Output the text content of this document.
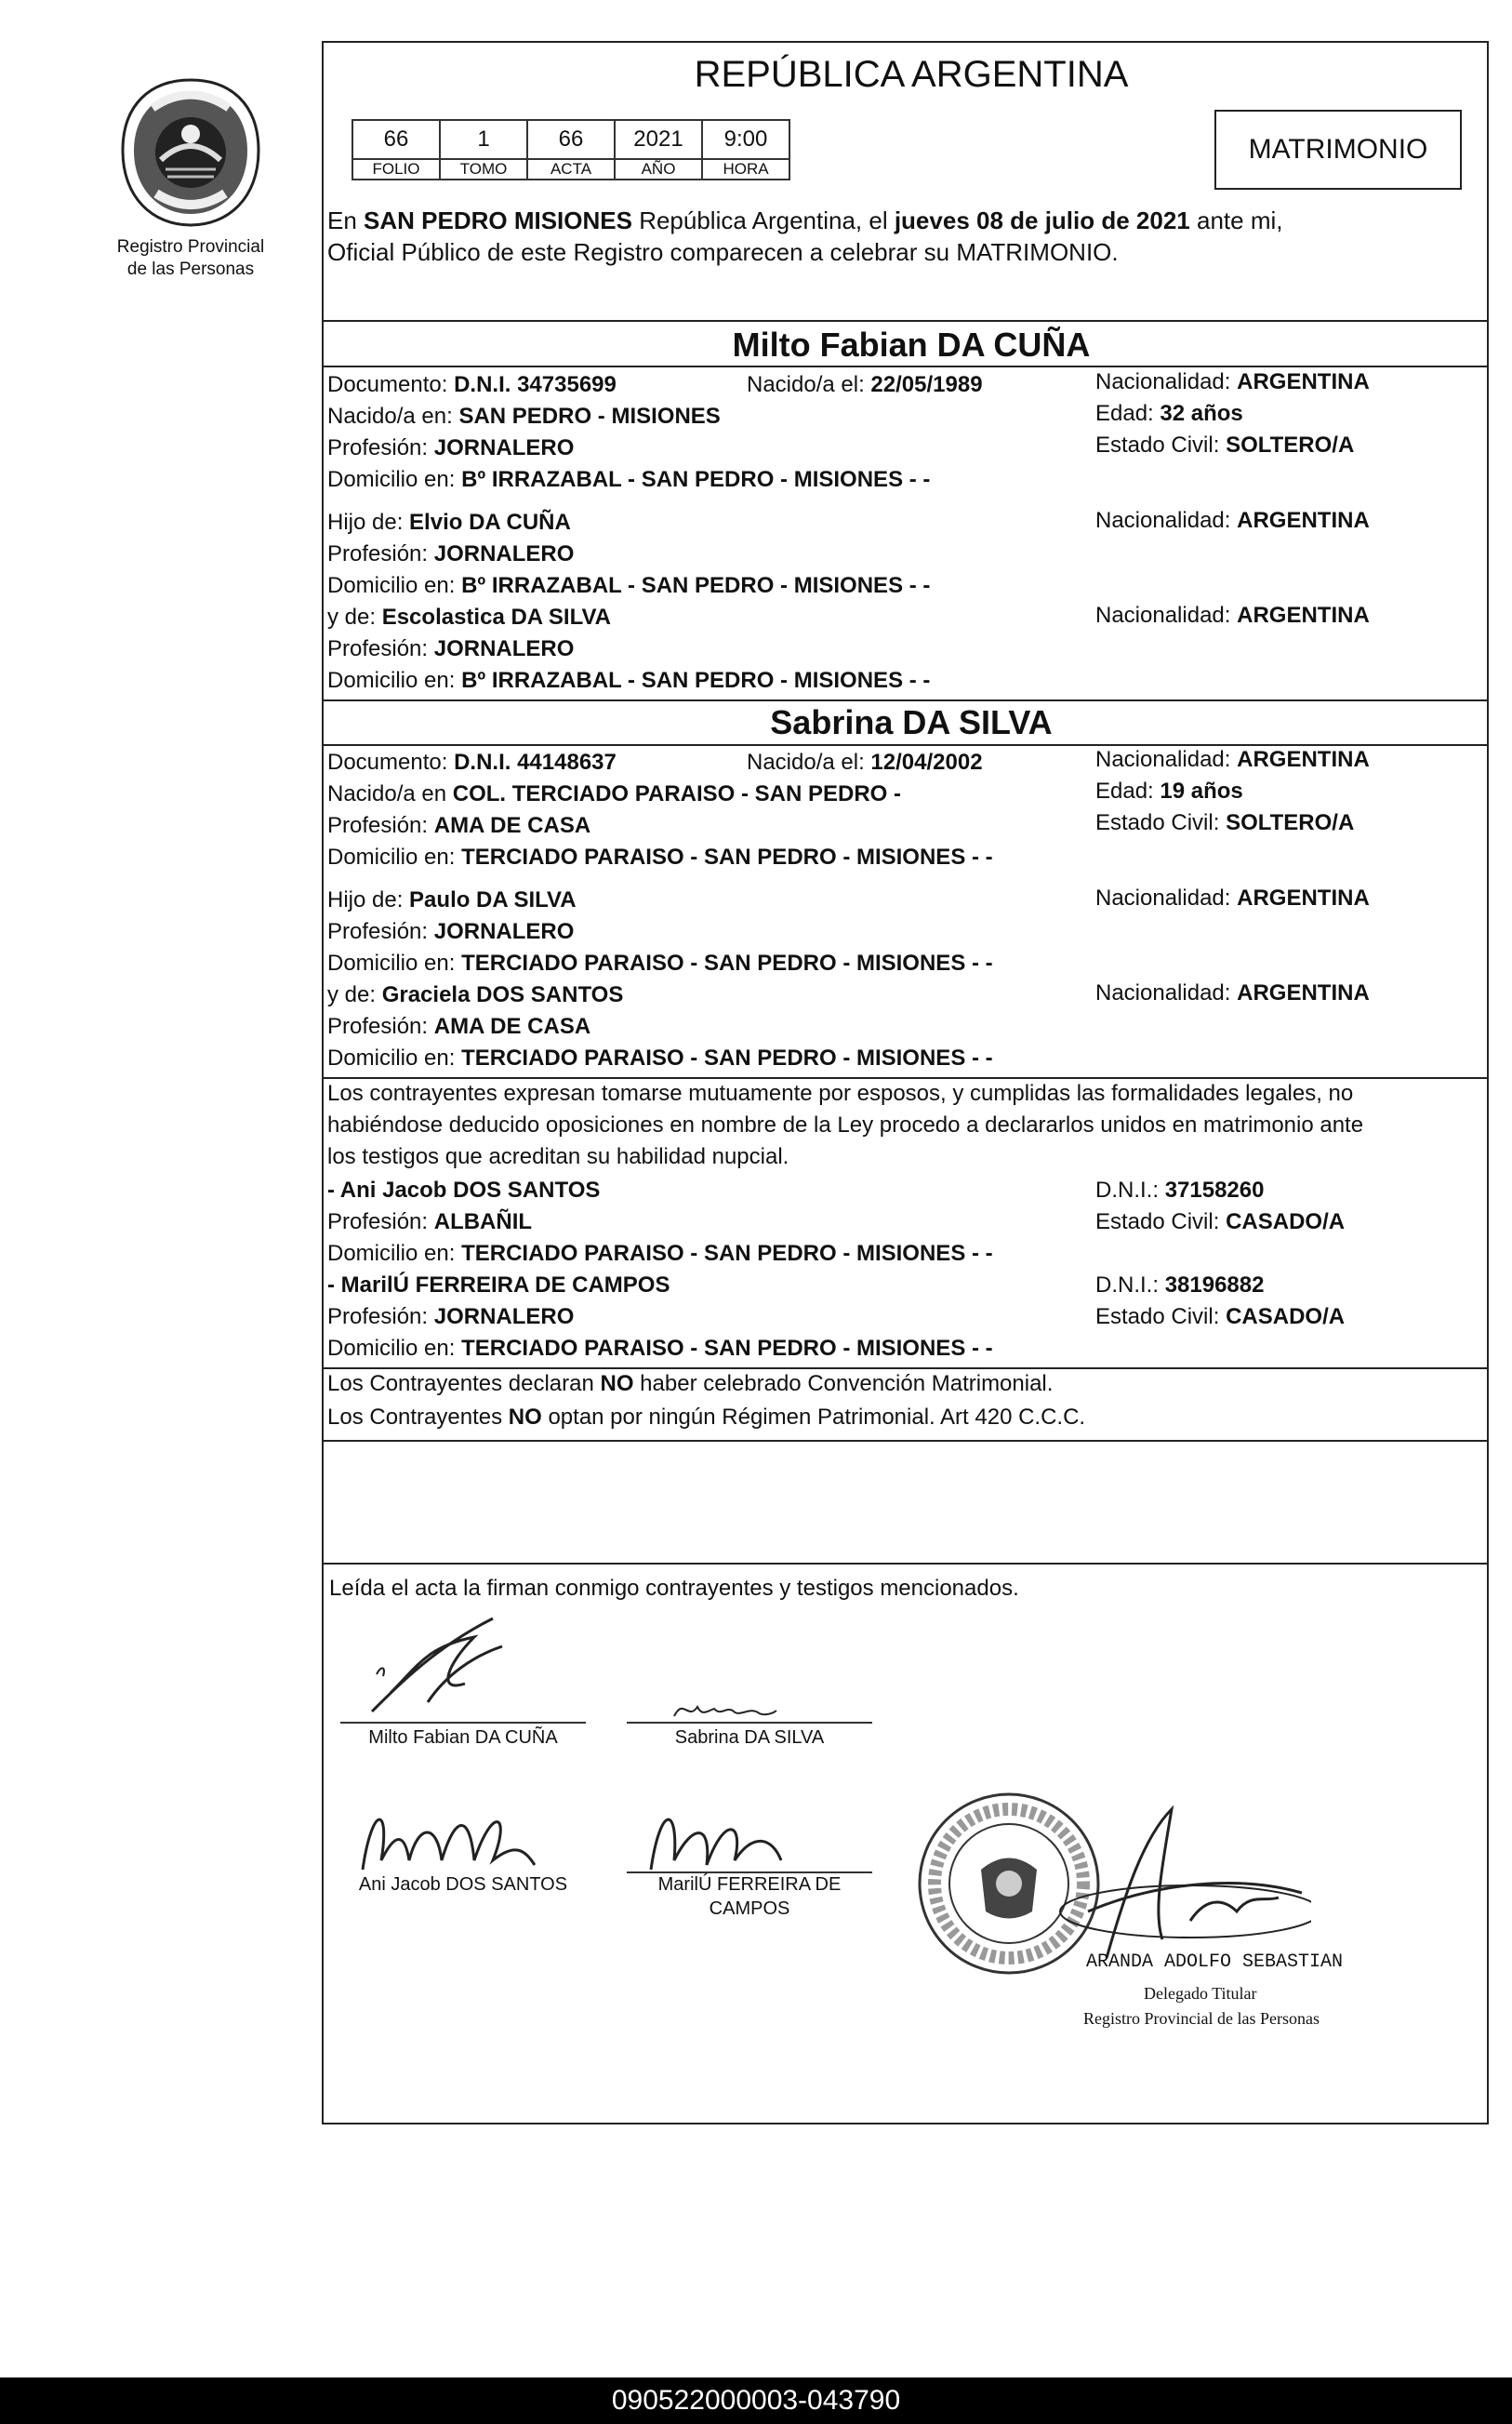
Registro Provincial
de las Personas
REPÚBLICA ARGENTINA
66	1	66	2021	9:00
FOLIO	TOMO	ACTA	AÑO	HORA
MATRIMONIO
En SAN PEDRO MISIONES República Argentina, el jueves 08 de julio de 2021 ante mi,
Oficial Público de este Registro comparecen a celebrar su MATRIMONIO.
Milto Fabian DA CUÑA
Documento: D.N.I. 34735699	Nacido/a el: 22/05/1989	Nacionalidad: ARGENTINA
Nacido/a en: SAN PEDRO - MISIONES	Edad: 32 años
Profesión: JORNALERO	Estado Civil: SOLTERO/A
Domicilio en: Bº IRRAZABAL - SAN PEDRO - MISIONES - -
Hijo de: Elvio DA CUÑA	Nacionalidad: ARGENTINA
Profesión: JORNALERO
Domicilio en: Bº IRRAZABAL - SAN PEDRO - MISIONES - -
y de: Escolastica DA SILVA	Nacionalidad: ARGENTINA
Profesión: JORNALERO
Domicilio en: Bº IRRAZABAL - SAN PEDRO - MISIONES - -
Sabrina DA SILVA
Documento: D.N.I. 44148637	Nacido/a el: 12/04/2002	Nacionalidad: ARGENTINA
Nacido/a en COL. TERCIADO PARAISO - SAN PEDRO -	Edad: 19 años
Profesión: AMA DE CASA	Estado Civil: SOLTERO/A
Domicilio en: TERCIADO PARAISO - SAN PEDRO - MISIONES - -
Hijo de: Paulo DA SILVA	Nacionalidad: ARGENTINA
Profesión: JORNALERO
Domicilio en: TERCIADO PARAISO - SAN PEDRO - MISIONES - -
y de: Graciela DOS SANTOS	Nacionalidad: ARGENTINA
Profesión: AMA DE CASA
Domicilio en: TERCIADO PARAISO - SAN PEDRO - MISIONES - -
Los contrayentes expresan tomarse mutuamente por esposos, y cumplidas las formalidades legales, no
habiéndose deducido oposiciones en nombre de la Ley procedo a declararlos unidos en matrimonio ante
los testigos que acreditan su habilidad nupcial.
- Ani Jacob DOS SANTOS	D.N.I.: 37158260
Profesión: ALBAÑIL	Estado Civil: CASADO/A
Domicilio en: TERCIADO PARAISO - SAN PEDRO - MISIONES - -
- MarilÚ FERREIRA DE CAMPOS	D.N.I.: 38196882
Profesión: JORNALERO	Estado Civil: CASADO/A
Domicilio en: TERCIADO PARAISO - SAN PEDRO - MISIONES - -
Los Contrayentes declaran NO haber celebrado Convención Matrimonial.
Los Contrayentes NO optan por ningún Régimen Patrimonial. Art 420 C.C.C.
Leída el acta la firman conmigo contrayentes y testigos mencionados.
Milto Fabian DA CUÑA	Sabrina DA SILVA
Ani Jacob DOS SANTOS	MarilÚ FERREIRA DE
CAMPOS
ARANDA ADOLFO SEBASTIAN
Delegado Titular
Registro Provincial de las Personas
090522000003-043790
